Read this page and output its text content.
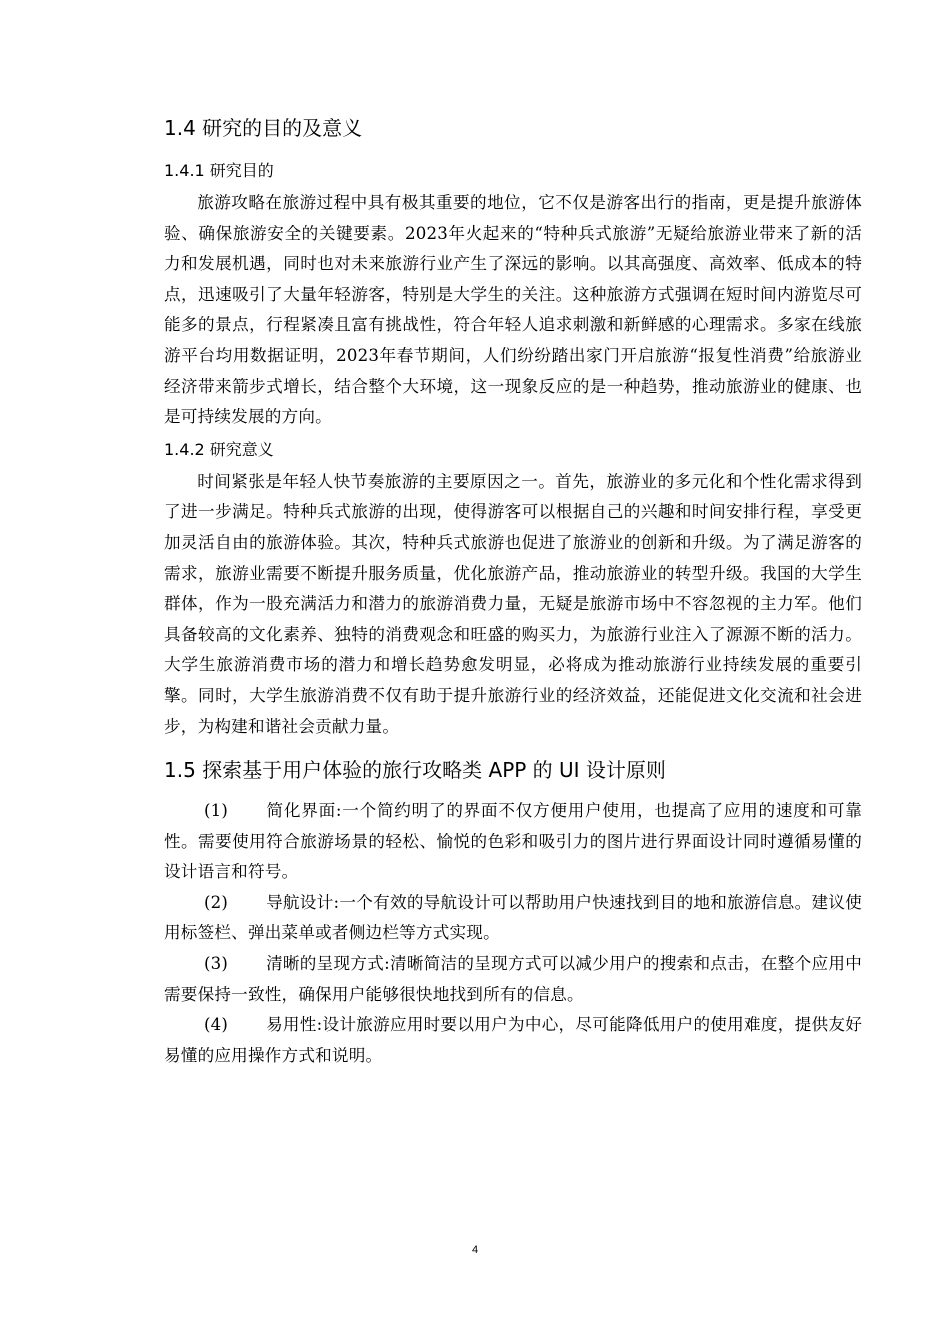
1.4 研究的目的及意义
1.4.1 研究目的

旅游攻略在旅游过程中具有极其重要的地位，它不仅是游客出行的指南，更是提升旅游体验、确保旅游安全的关键要素。2023年火起来的“特种兵式旅游”无疑给旅游业带来了新的活力和发展机遇，同时也对未来旅游行业产生了深远的影响。以其高强度、高效率、低成本的特点，迅速吸引了大量年轻游客，特别是大学生的关注。这种旅游方式强调在短时间内游览尽可能多的景点，行程紧凑且富有挑战性，符合年轻人追求刺激和新鲜感的心理需求。多家在线旅游平台均用数据证明，2023年春节期间，人们纷纷踏出家门开启旅游“报复性消费”给旅游业经济带来箭步式增长，结合整个大环境，这一现象反应的是一种趋势，推动旅游业的健康、也是可持续发展的方向。

1.4.2 研究意义

时间紧张是年轻人快节奏旅游的主要原因之一。首先，旅游业的多元化和个性化需求得到了进一步满足。特种兵式旅游的出现，使得游客可以根据自己的兴趣和时间安排行程，享受更加灵活自由的旅游体验。其次，特种兵式旅游也促进了旅游业的创新和升级。为了满足游客的需求，旅游业需要不断提升服务质量，优化旅游产品，推动旅游业的转型升级。我国的大学生群体，作为一股充满活力和潜力的旅游消费力量，无疑是旅游市场中不容忽视的主力军。他们具备较高的文化素养、独特的消费观念和旺盛的购买力，为旅游行业注入了源源不断的活力。大学生旅游消费市场的潜力和增长趋势愈发明显，必将成为推动旅游行业持续发展的重要引擎。同时，大学生旅游消费不仅有助于提升旅游行业的经济效益，还能促进文化交流和社会进步，为构建和谐社会贡献力量。

1.5 探索基于用户体验的旅行攻略类 APP 的 UI 设计原则

(1) 简化界面:一个简约明了的界面不仅方便用户使用，也提高了应用的速度和可靠性。需要使用符合旅游场景的轻松、愉悦的色彩和吸引力的图片进行界面设计同时遵循易懂的设计语言和符号。

(2) 导航设计:一个有效的导航设计可以帮助用户快速找到目的地和旅游信息。建议使用标签栏、弹出菜单或者侧边栏等方式实现。

(3) 清晰的呈现方式:清晰简洁的呈现方式可以减少用户的搜索和点击，在整个应用中需要保持一致性，确保用户能够很快地找到所有的信息。

(4) 易用性:设计旅游应用时要以用户为中心，尽可能降低用户的使用难度，提供友好易懂的应用操作方式和说明。

4
